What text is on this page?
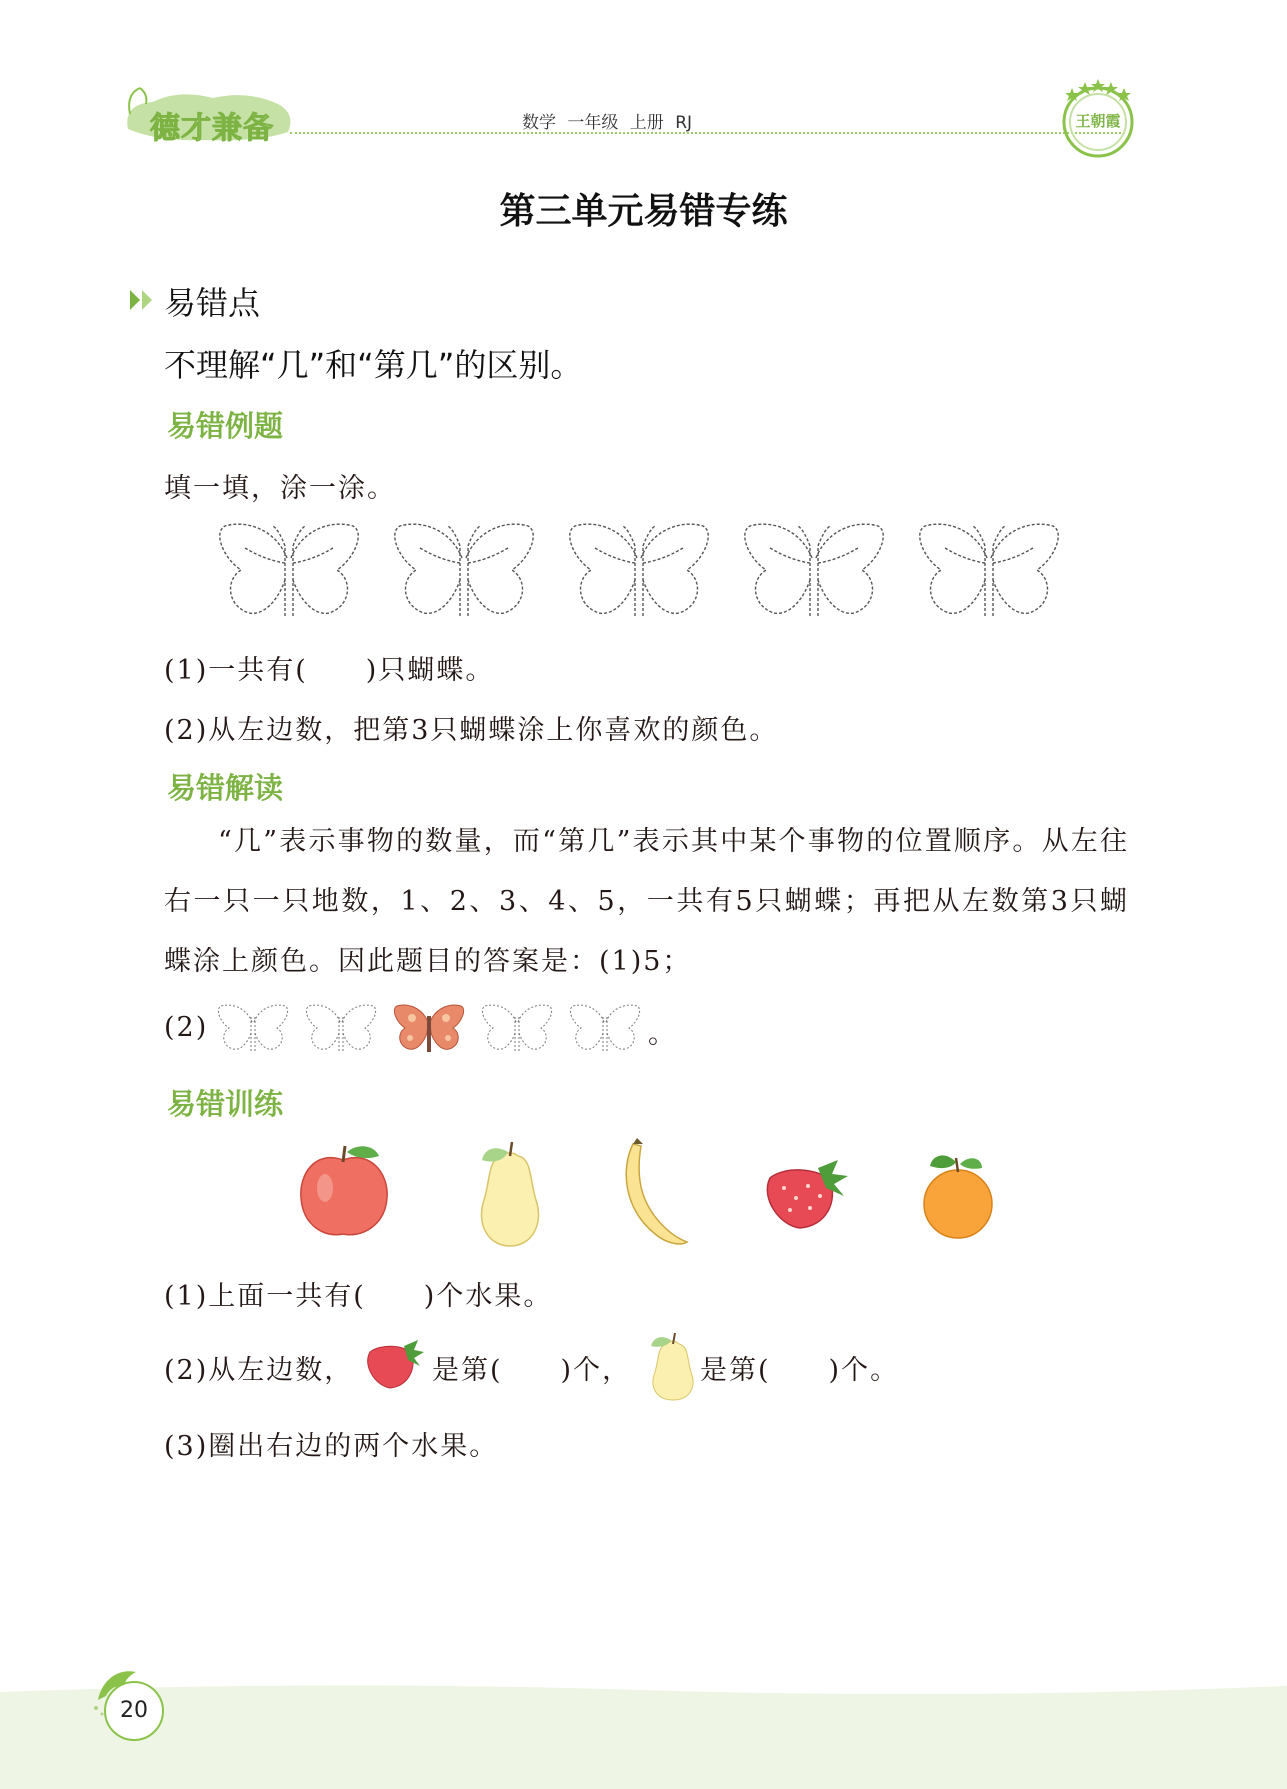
德才兼备	数学 一年级 上册 RJ	王朝霞
第三单元易错专练
易错点
不理解“几”和“第几”的区别。
易错例题
填一填，涂一涂。
(1)一共有(　　)只蝴蝶。
(2)从左边数，把第3只蝴蝶涂上你喜欢的颜色。
易错解读
“几”表示事物的数量，而“第几”表示其中某个事物的位置顺序。从左往右一只一只地数，1、2、3、4、5，一共有5只蝴蝶；再把从左数第3只蝴蝶涂上颜色。因此题目的答案是：(1)5；
(2)	。
易错训练
(1)上面一共有(　　)个水果。
(2)从左边数，	是第(　　)个，	是第(　　)个。
(3)圈出右边的两个水果。
20
